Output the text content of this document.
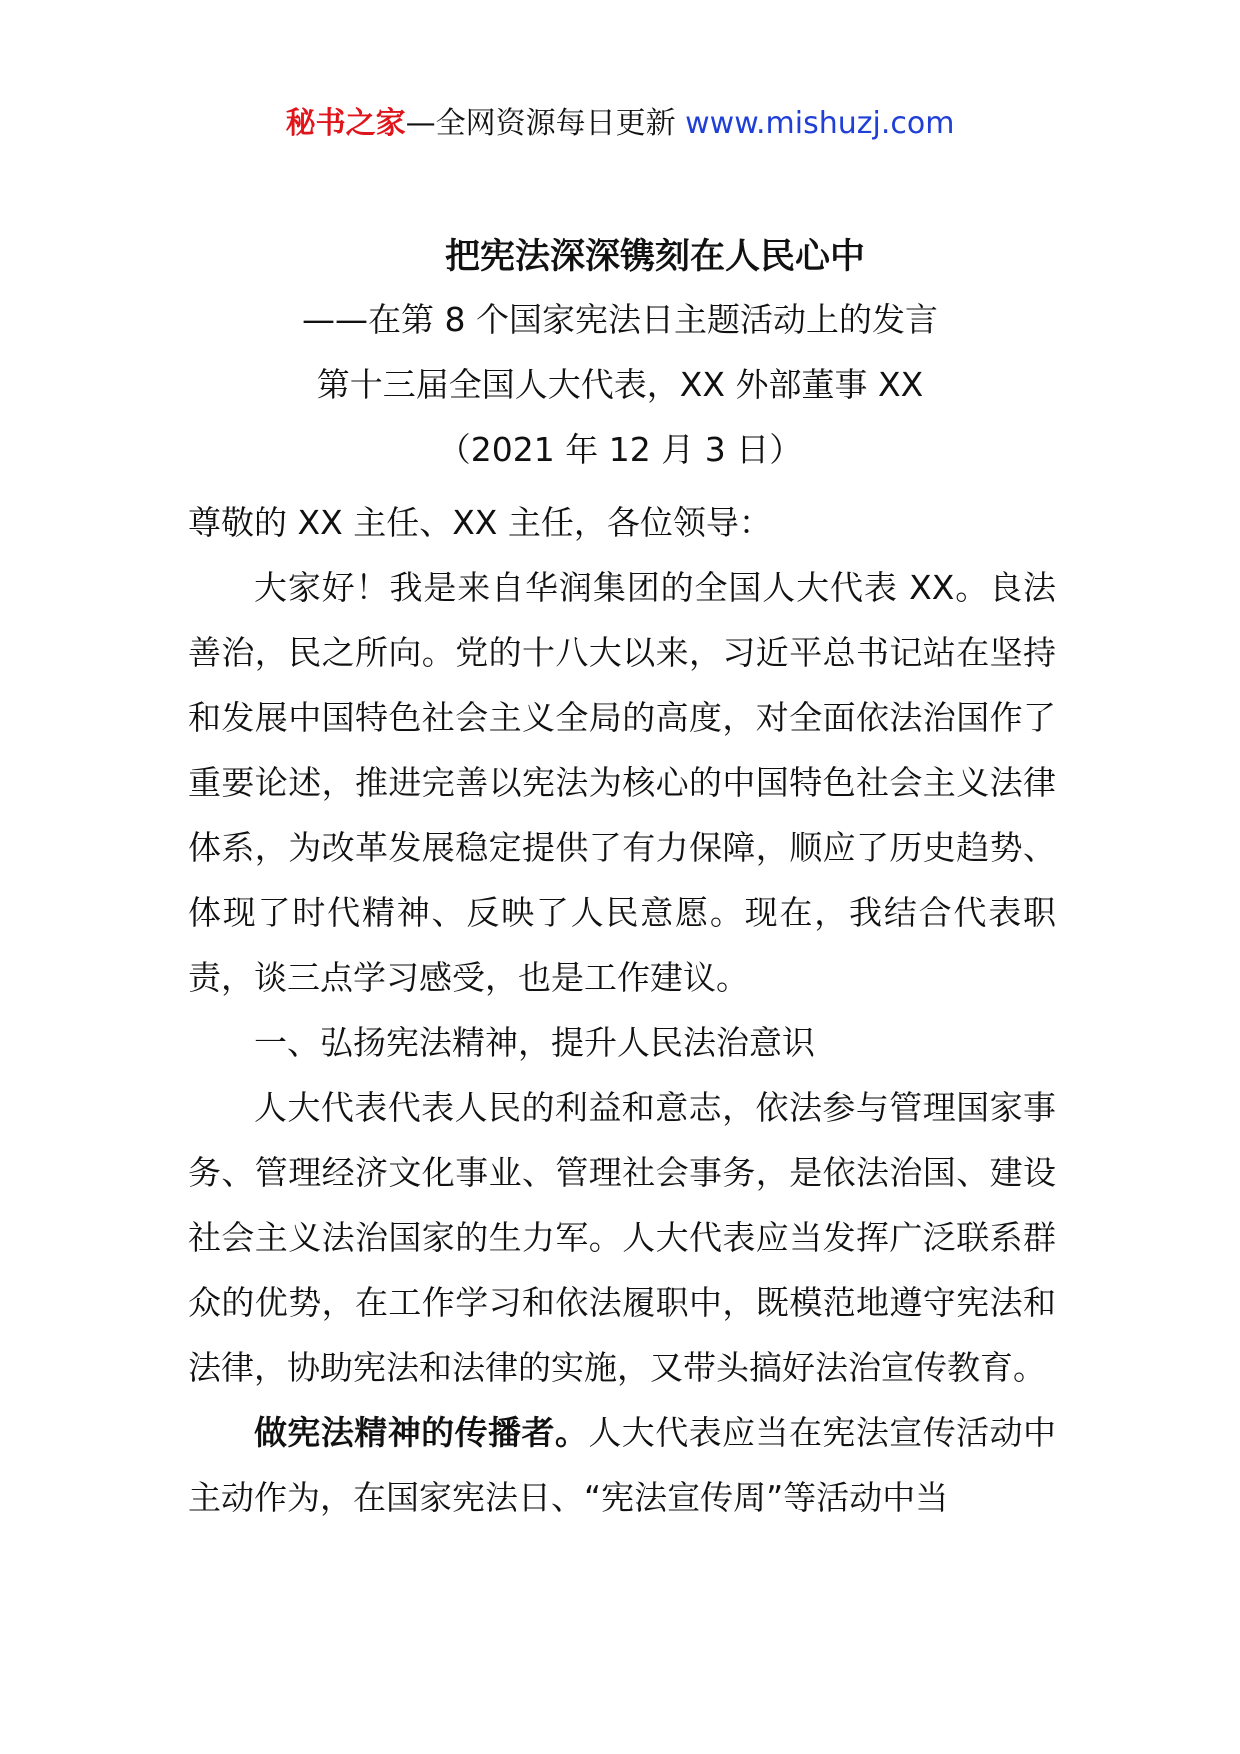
秘书之家—全网资源每日更新 www.mishuzj.com
把宪法深深镌刻在人民心中
——在第 8 个国家宪法日主题活动上的发言
第十三届全国人大代表，XX 外部董事 XX
（2021 年 12 月 3 日）

尊敬的 XX 主任、XX 主任，各位领导：

大家好！我是来自华润集团的全国人大代表 XX。良法善治，民之所向。党的十八大以来，习近平总书记站在坚持和发展中国特色社会主义全局的高度，对全面依法治国作了重要论述，推进完善以宪法为核心的中国特色社会主义法律体系，为改革发展稳定提供了有力保障，顺应了历史趋势、体现了时代精神、反映了人民意愿。现在，我结合代表职责，谈三点学习感受，也是工作建议。

一、弘扬宪法精神，提升人民法治意识

人大代表代表人民的利益和意志，依法参与管理国家事务、管理经济文化事业、管理社会事务，是依法治国、建设社会主义法治国家的生力军。人大代表应当发挥广泛联系群众的优势，在工作学习和依法履职中，既模范地遵守宪法和法律，协助宪法和法律的实施，又带头搞好法治宣传教育。

做宪法精神的传播者。人大代表应当在宪法宣传活动中主动作为，在国家宪法日、“宪法宣传周”等活动中当
